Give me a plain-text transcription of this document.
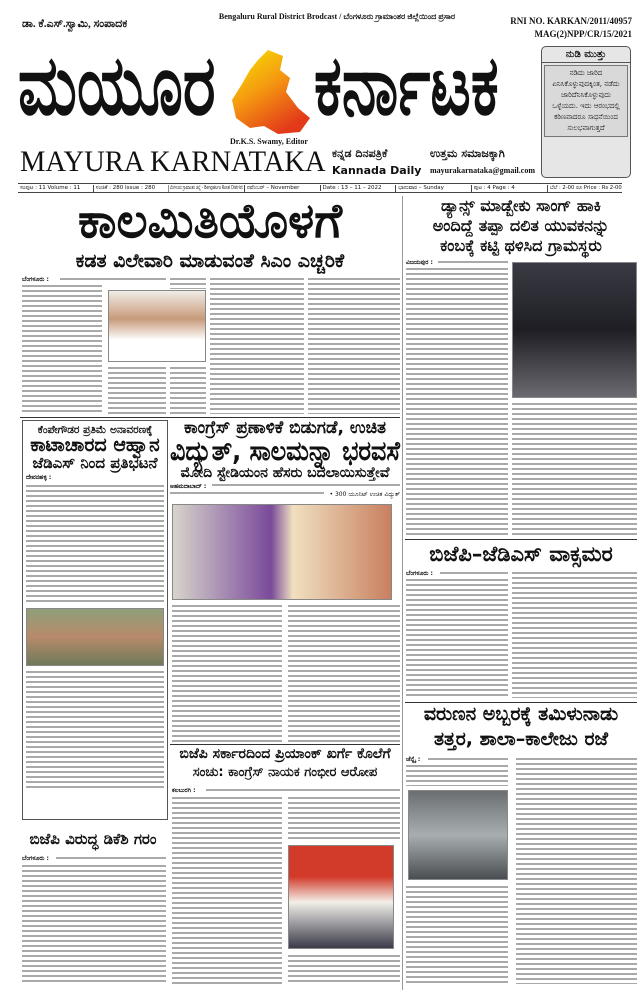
ಡಾ. ಕೆ.ಎಸ್.ಸ್ವಾಮಿ, ಸಂಪಾದಕ
Bengaluru Rural District Brodcast / ಬೆಂಗಳೂರು ಗ್ರಾಮಾಂತರ ಜಿಲ್ಲೆಯಿಂದ ಪ್ರಸಾರ	RNI NO. KARKAN/2011/40957
MAG(2)NPP/CR/15/2021
ಮಯೂರ ಕರ್ನಾಟಕ
Dr.K.S. Swamy, Editor
MAYURA KARNATAKA ಕನ್ನಡ ದಿನಪತ್ರಿಕೆ	ಉತ್ತಮ ಸಮಾಜಕ್ಕಾಗಿ
Kannada Daily	mayurakarnataka@gmail.com
ನುಡಿ ಮುತ್ತು
ನಡಿದು ಜಾರಿದ ಏನಿಸಿಕೊಳ್ಳುವುದಕ್ಕಿಂತ, ನಡೆದು ಜಾರಿದೆನಿಸಿಕೊಳ್ಳುವುದು ಒಳ್ಳೆಯದು. ಇದು ಆರಂಭದಲ್ಲಿ ಕಠಿಣವಾದರೂ ಸಾಧನೆಯಿಂದ ಸುಲಭವಾಗುತ್ತದೆ
ಸಂಪುಟ : 11 Volume : 11	ಸಂಚಿಕೆ : 280 Issue : 280	ಬೆಂಗಳೂರು ಗ್ರಾಮಾಂತರ ಜಿಲ್ಲೆ – Bengaluru Rural District ನವೆಂಬರ್ – November	Date : 13 – 11 – 2022	ಭಾನುವಾರ – Sunday	ಪುಟ : 4 Page : 4	ಬೆಲೆ : 2-00 ರೂ Price : Rs 2-00
ಕಾಲಮಿತಿಯೊಳಗೆ
ಕಡತ ವಿಲೇವಾರಿ ಮಾಡುವಂತೆ ಸಿಎಂ ಎಚ್ಚರಿಕೆ
ಬೆಂಗಳೂರು :
ಕೆಂಪೇಗೌಡರ ಪ್ರತಿಮೆ ಅನಾವರಣಕ್ಕೆ
ಕಾಟಾಚಾರದ ಆಹ್ವಾನ
ಜೆಡಿಎಸ್ ನಿಂದ ಪ್ರತಿಭಟನೆ
ದೇವನಹಳ್ಳಿ :
ಕಾಂಗ್ರೆಸ್ ಪ್ರಣಾಳಿಕೆ ಬಿಡುಗಡೆ, ಉಚಿತ
ವಿದ್ಯುತ್, ಸಾಲಮನ್ನಾ ಭರವಸೆ
ಮೋದಿ ಸ್ಟೇಡಿಯಂನ ಹೆಸರು ಬದಲಾಯಿಸುತ್ತೇವೆ
ಅಹಮದಾಬಾದ್ :
• 300 ಯೂನಿಟ್ ಉಚಿತ ವಿದ್ಯುತ್
ಬಿಜೆಪಿ ಸರ್ಕಾರದಿಂದ ಪ್ರಿಯಾಂಕ್ ಖರ್ಗೆ ಕೊಲೆಗೆ
ಸಂಚು: ಕಾಂಗ್ರೆಸ್ ನಾಯಕ ಗಂಭೀರ ಆರೋಪ
ಕಲಬುರಗಿ :
ಬಿಜೆಪಿ ವಿರುದ್ಧ ಡಿಕೆಶಿ ಗರಂ
ಬೆಂಗಳೂರು :
ಡ್ಯಾನ್ಸ್ ಮಾಡ್ಬೇಕು ಸಾಂಗ್ ಹಾಕಿ
ಅಂದಿದ್ದೆ ತಪ್ಪಾ ದಲಿತ ಯುವಕನನ್ನು
ಕಂಬಕ್ಕೆ ಕಟ್ಟಿ ಥಳಿಸಿದ ಗ್ರಾಮಸ್ಥರು
ವಿಜಯಪುರ :
ಬಿಜೆಪಿ–ಜೆಡಿಎಸ್ ವಾಕ್ಸಮರ
ಬೆಂಗಳೂರು :
ವರುಣನ ಅಬ್ಬರಕ್ಕೆ ತಮಿಳುನಾಡು
ತತ್ತರ, ಶಾಲಾ–ಕಾಲೇಜು ರಜೆ
ಚೆನ್ನೈ :
